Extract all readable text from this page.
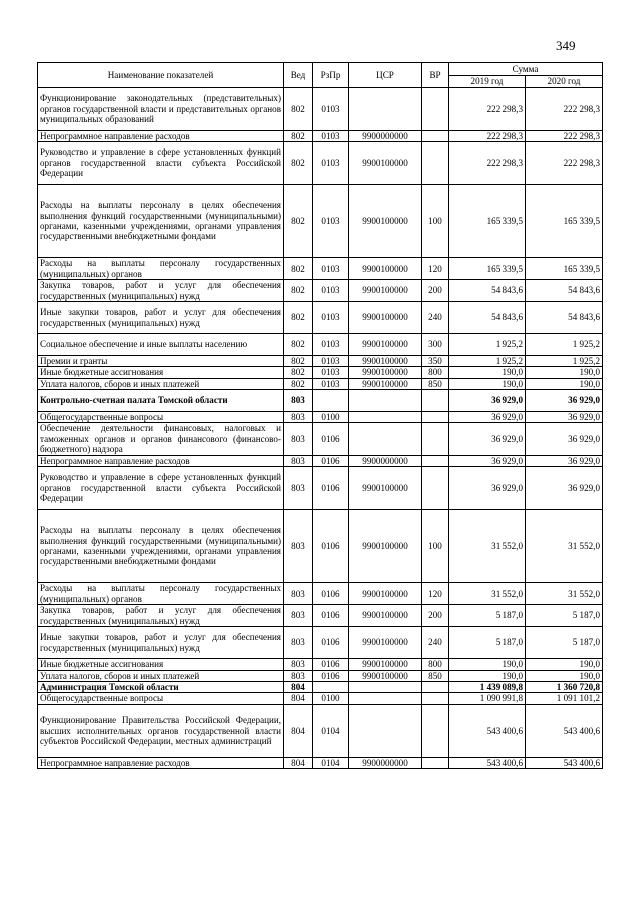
349
Наименование показателей	Вед	РзПр	ЦСР	ВР	Сумма	
					2019 год	2020 год
Функционирование законодательных (представительных) органов государственной власти и представительных органов муниципальных образований	802	0103			222 298,3	222 298,3
Непрограммное направление расходов	802	0103	9900000000		222 298,3	222 298,3
Руководство и управление в сфере установленных функций органов государственной власти субъекта Российской Федерации	802	0103	9900100000		222 298,3	222 298,3
Расходы на выплаты персоналу в целях обеспечения выполнения функций государственными (муниципальными) органами, казенными учреждениями, органами управления государственными внебюджетными фондами	802	0103	9900100000	100	165 339,5	165 339,5
Расходы на выплаты персоналу государственных (муниципальных) органов	802	0103	9900100000	120	165 339,5	165 339,5
Закупка товаров, работ и услуг для обеспечения государственных (муниципальных) нужд	802	0103	9900100000	200	54 843,6	54 843,6
Иные закупки товаров, работ и услуг для обеспечения государственных (муниципальных) нужд	802	0103	9900100000	240	54 843,6	54 843,6
Социальное обеспечение и иные выплаты населению	802	0103	9900100000	300	1 925,2	1 925,2
Премии и гранты	802	0103	9900100000	350	1 925,2	1 925,2
Иные бюджетные ассигнования	802	0103	9900100000	800	190,0	190,0
Уплата налогов, сборов и иных платежей	802	0103	9900100000	850	190,0	190,0
Контрольно-счетная палата Томской области	803				36 929,0	36 929,0
Общегосударственные вопросы	803	0100			36 929,0	36 929,0
Обеспечение деятельности финансовых, налоговых и таможенных органов и органов финансового (финансово-бюджетного) надзора	803	0106			36 929,0	36 929,0
Непрограммное направление расходов	803	0106	9900000000		36 929,0	36 929,0
Руководство и управление в сфере установленных функций органов государственной власти субъекта Российской Федерации	803	0106	9900100000		36 929,0	36 929,0
Расходы на выплаты персоналу в целях обеспечения выполнения функций государственными (муниципальными) органами, казенными учреждениями, органами управления государственными внебюджетными фондами	803	0106	9900100000	100	31 552,0	31 552,0
Расходы на выплаты персоналу государственных (муниципальных) органов	803	0106	9900100000	120	31 552,0	31 552,0
Закупка товаров, работ и услуг для обеспечения государственных (муниципальных) нужд	803	0106	9900100000	200	5 187,0	5 187,0
Иные закупки товаров, работ и услуг для обеспечения государственных (муниципальных) нужд	803	0106	9900100000	240	5 187,0	5 187,0
Иные бюджетные ассигнования	803	0106	9900100000	800	190,0	190,0
Уплата налогов, сборов и иных платежей	803	0106	9900100000	850	190,0	190,0
Администрация Томской области	804				1 439 089,8	1 360 720,8
Общегосударственные вопросы	804	0100			1 090 991,8	1 091 101,2
Функционирование Правительства Российской Федерации, высших исполнительных органов государственной власти субъектов Российской Федерации, местных администраций	804	0104			543 400,6	543 400,6
Непрограммное направление расходов	804	0104	9900000000		543 400,6	543 400,6
